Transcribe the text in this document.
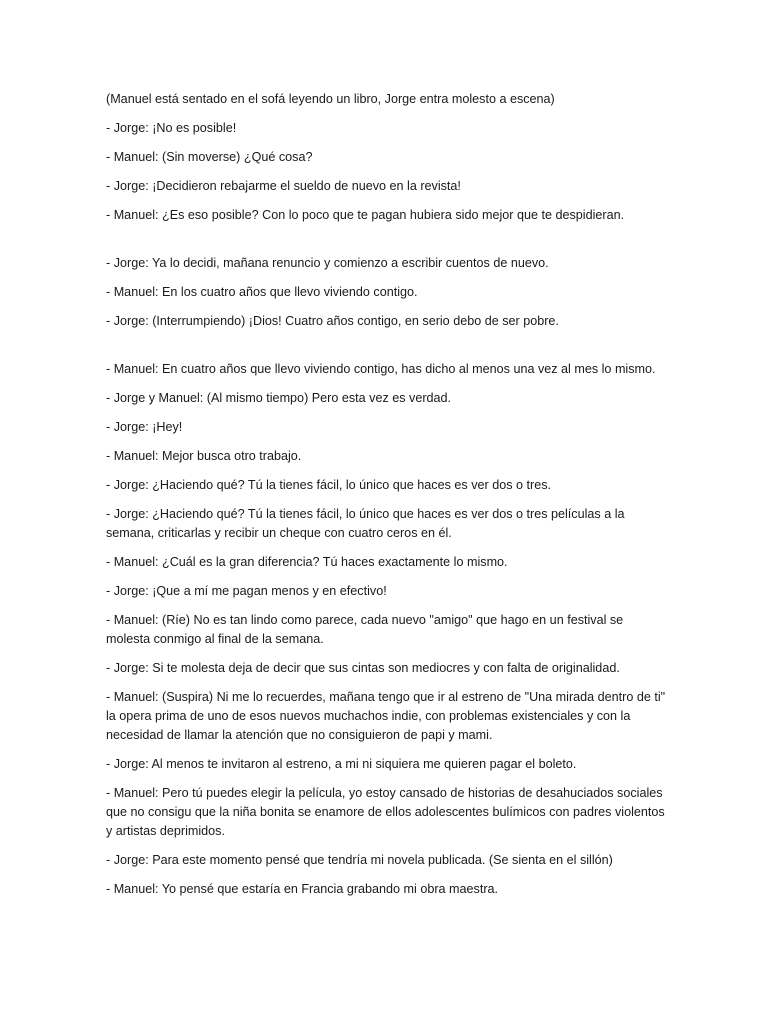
(Manuel está sentado en el sofá leyendo un libro, Jorge entra molesto a escena)

- Jorge: ¡No es posible!

- Manuel: (Sin moverse) ¿Qué cosa?

- Jorge: ¡Decidieron rebajarme el sueldo de nuevo en la revista!

- Manuel: ¿Es eso posible? Con lo poco que te pagan hubiera sido mejor que te despidieran.

- Jorge: Ya lo decidi, mañana renuncio y comienzo a escribir cuentos de nuevo.

- Manuel: En los cuatro años que llevo viviendo contigo.

- Jorge: (Interrumpiendo) ¡Dios! Cuatro años contigo, en serio debo de ser pobre.

- Manuel: En cuatro años que llevo viviendo contigo, has dicho al menos una vez al mes lo mismo.

- Jorge y Manuel: (Al mismo tiempo) Pero esta vez es verdad.

- Jorge: ¡Hey!

- Manuel: Mejor busca otro trabajo.

- Jorge: ¿Haciendo qué? Tú la tienes fácil, lo único que haces es ver dos o tres.

- Jorge: ¿Haciendo qué? Tú la tienes fácil, lo único que haces es ver dos o tres películas a la semana, criticarlas y recibir un cheque con cuatro ceros en él.

- Manuel: ¿Cuál es la gran diferencia? Tú haces exactamente lo mismo.

- Jorge: ¡Que a mí me pagan menos y en efectivo!

- Manuel: (Ríe) No es tan lindo como parece, cada nuevo "amigo" que hago en un festival se molesta conmigo al final de la semana.

- Jorge: Si te molesta deja de decir que sus cintas son mediocres y con falta de originalidad.

- Manuel: (Suspira) Ni me lo recuerdes, mañana tengo que ir al estreno de "Una mirada dentro de ti" la opera prima de uno de esos nuevos muchachos indie, con problemas existenciales y con la necesidad de llamar la atención que no consiguieron de papi y mami.

- Jorge: Al menos te invitaron al estreno, a mi ni siquiera me quieren pagar el boleto.

- Manuel: Pero tú puedes elegir la película, yo estoy cansado de historias de desahuciados sociales que no consigu que la niña bonita se enamore de ellos adolescentes bulímicos con padres violentos y artistas deprimidos.

- Jorge: Para este momento pensé que tendría mi novela publicada. (Se sienta en el sillón)

- Manuel: Yo pensé que estaría en Francia grabando mi obra maestra.
